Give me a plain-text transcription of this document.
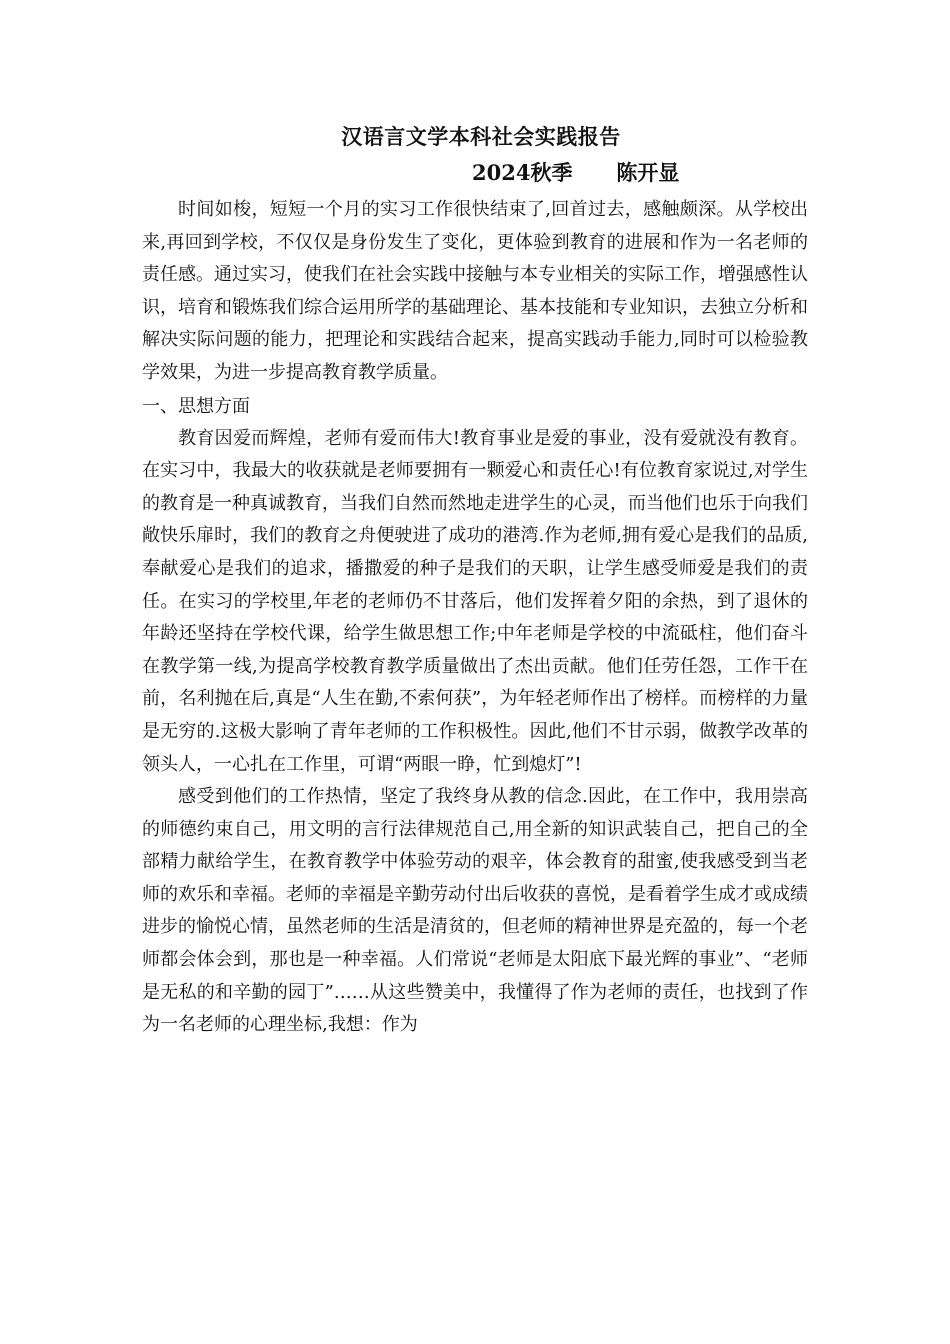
汉语言文学本科社会实践报告
2024秋季      陈开显

时间如梭，短短一个月的实习工作很快结束了,回首过去，感触颇深。从学校出来,再回到学校，不仅仅是身份发生了变化，更体验到教育的进展和作为一名老师的责任感。通过实习，使我们在社会实践中接触与本专业相关的实际工作，增强感性认识，培育和锻炼我们综合运用所学的基础理论、基本技能和专业知识，去独立分析和解决实际问题的能力，把理论和实践结合起来，提高实践动手能力,同时可以检验教学效果，为进一步提高教育教学质量。

一、思想方面

教育因爱而辉煌，老师有爱而伟大!教育事业是爱的事业，没有爱就没有教育。在实习中，我最大的收获就是老师要拥有一颗爱心和责任心!有位教育家说过,对学生的教育是一种真诚教育，当我们自然而然地走进学生的心灵，而当他们也乐于向我们敞快乐扉时，我们的教育之舟便驶进了成功的港湾.作为老师,拥有爱心是我们的品质,奉献爱心是我们的追求，播撒爱的种子是我们的天职，让学生感受师爱是我们的责任。在实习的学校里,年老的老师仍不甘落后，他们发挥着夕阳的余热，到了退休的年龄还坚持在学校代课，给学生做思想工作;中年老师是学校的中流砥柱，他们奋斗在教学第一线,为提高学校教育教学质量做出了杰出贡献。他们任劳任怨，工作干在前，名利抛在后,真是“人生在勤,不索何获”，为年轻老师作出了榜样。而榜样的力量是无穷的.这极大影响了青年老师的工作积极性。因此,他们不甘示弱，做教学改革的领头人，一心扎在工作里，可谓“两眼一睁，忙到熄灯”!

感受到他们的工作热情，坚定了我终身从教的信念.因此，在工作中，我用崇高的师德约束自己，用文明的言行法律规范自己,用全新的知识武装自己，把自己的全部精力献给学生，在教育教学中体验劳动的艰辛，体会教育的甜蜜,使我感受到当老师的欢乐和幸福。老师的幸福是辛勤劳动付出后收获的喜悦，是看着学生成才或成绩进步的愉悦心情，虽然老师的生活是清贫的，但老师的精神世界是充盈的，每一个老师都会体会到，那也是一种幸福。人们常说“老师是太阳底下最光辉的事业”、“老师是无私的和辛勤的园丁”……从这些赞美中，我懂得了作为老师的责任，也找到了作为一名老师的心理坐标,我想：作为
